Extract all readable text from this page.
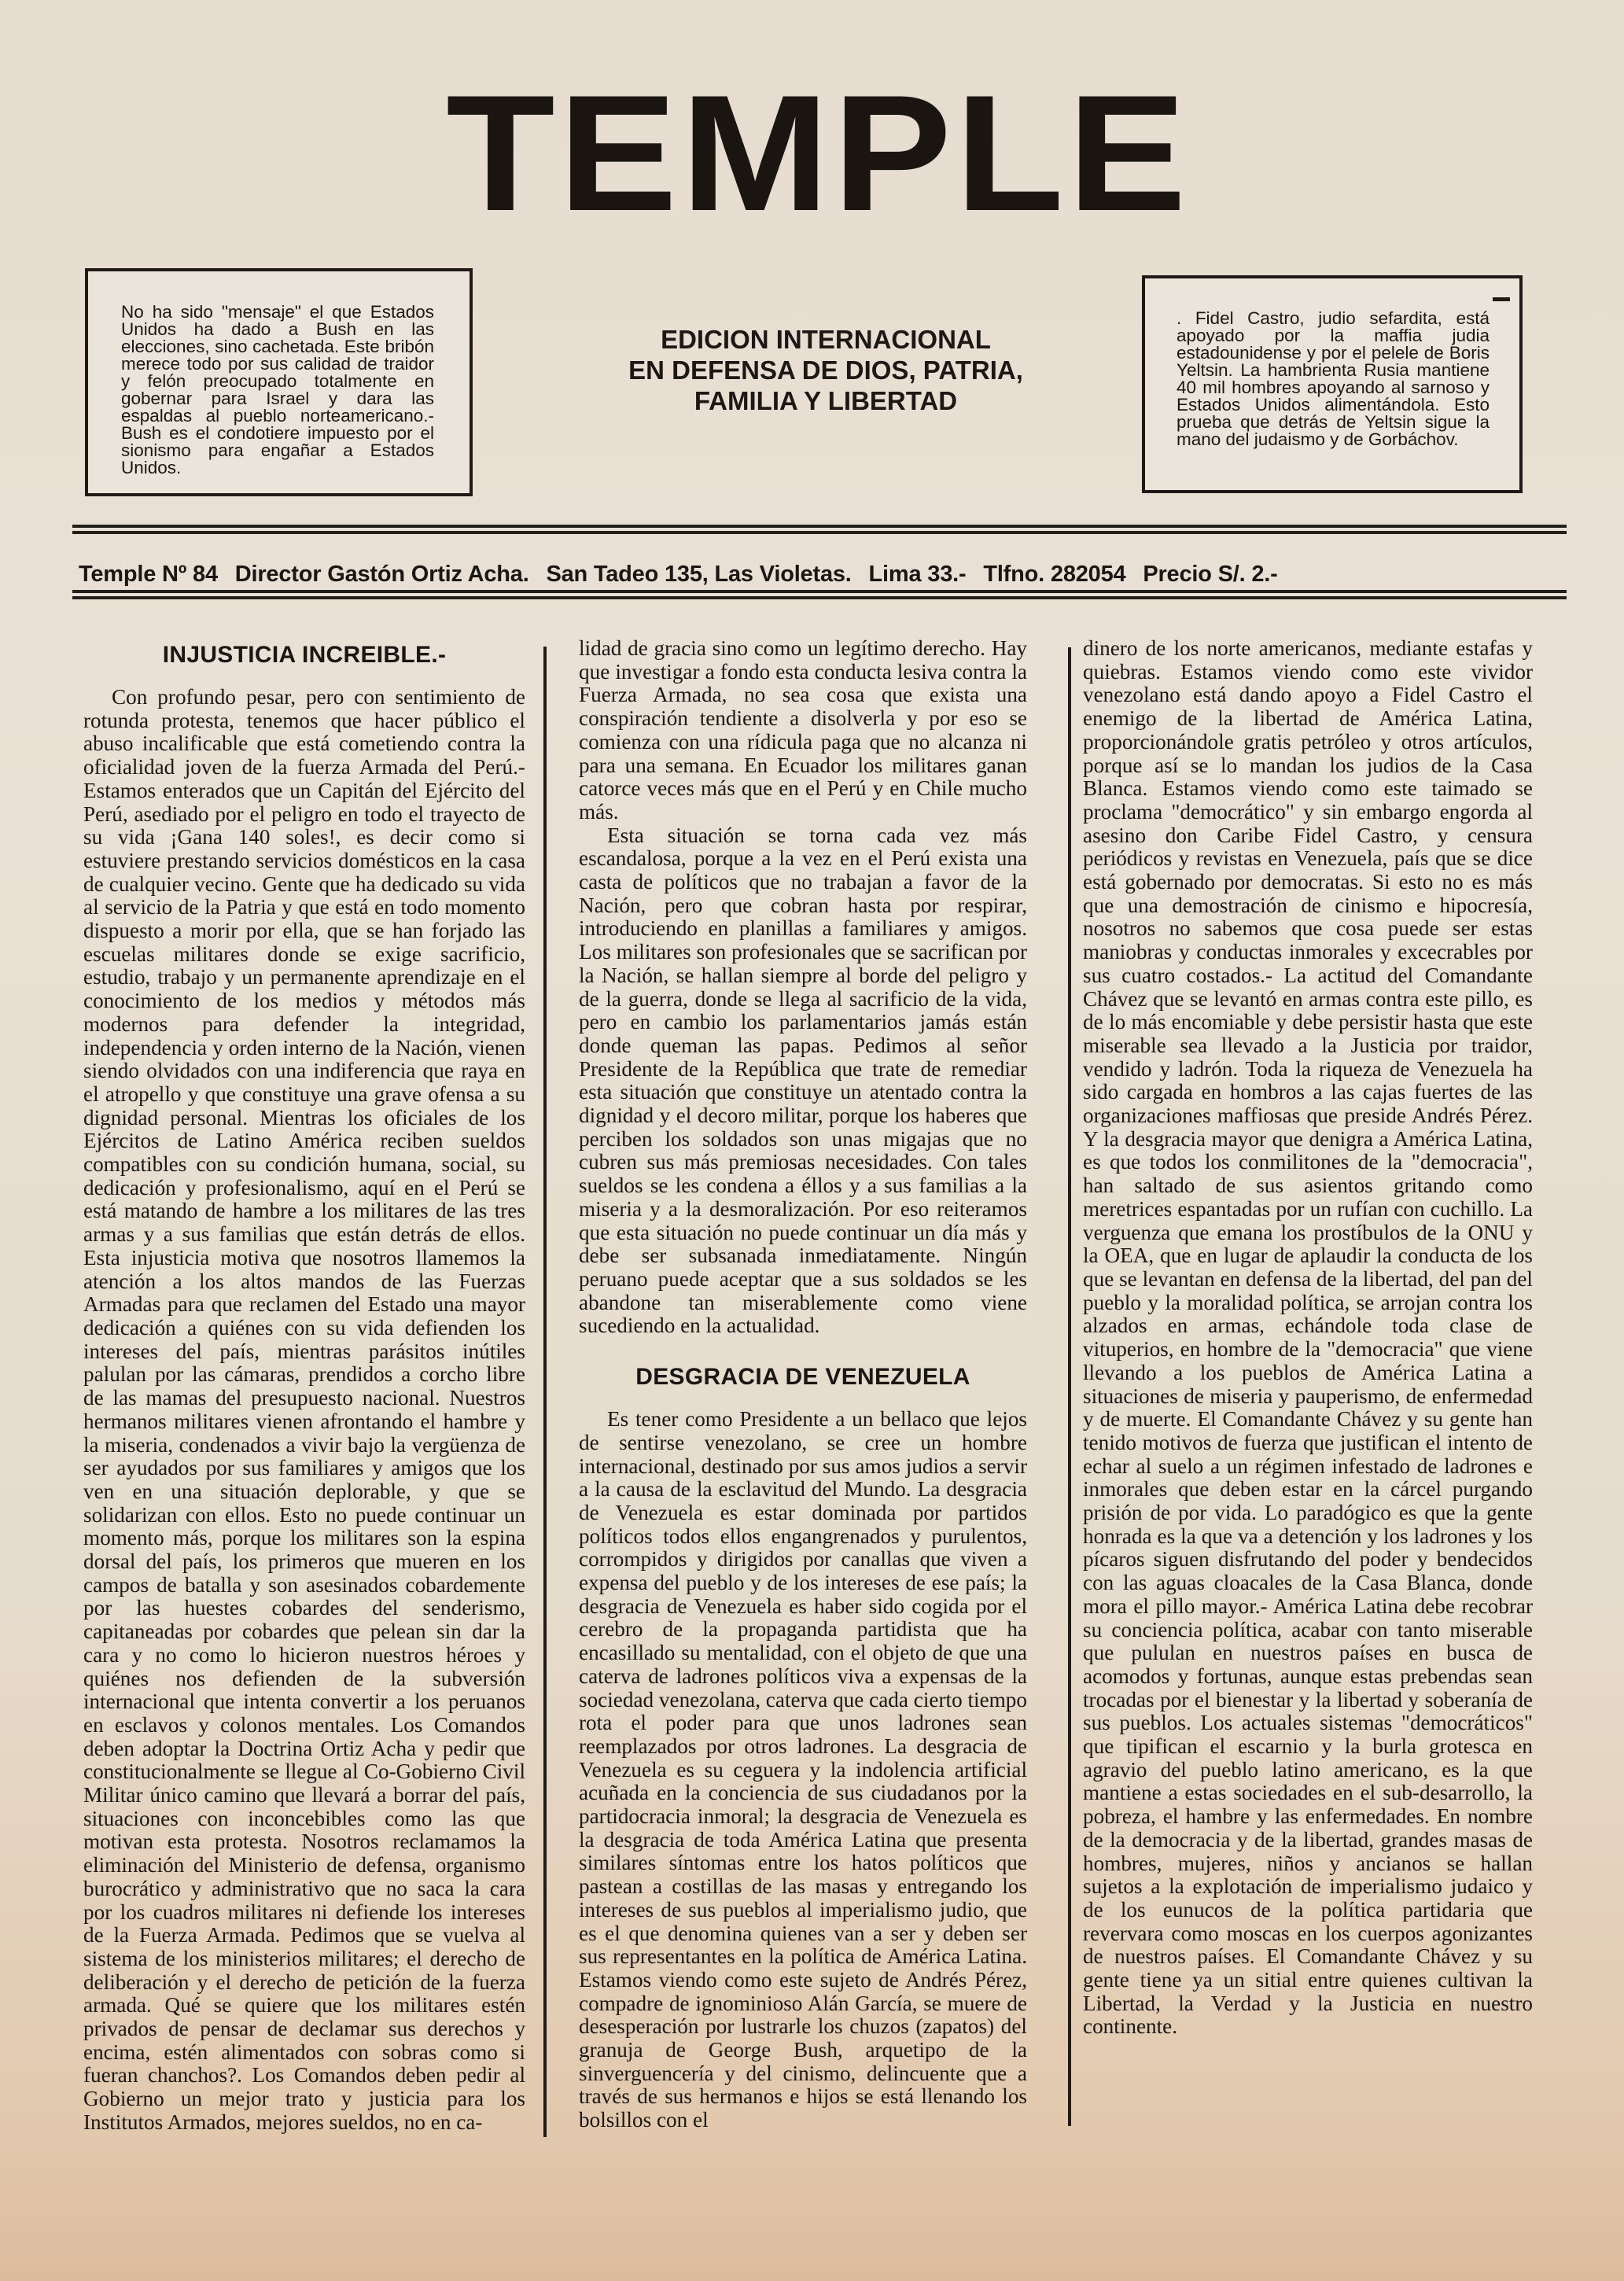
TEMPLE
No ha sido "mensaje" el que Estados Unidos ha dado a Bush en las elecciones, sino cachetada. Este bribón merece todo por sus calidad de traidor y felón preocupado totalmente en gobernar para Israel y dara las espaldas al pueblo norteamericano.- Bush es el condotiere impuesto por el sionismo para engañar a Estados Unidos.
EDICION INTERNACIONAL
EN DEFENSA DE DIOS, PATRIA,
FAMILIA Y LIBERTAD
. Fidel Castro, judio sefardita, está apoyado por la maffia judia estadounidense y por el pelele de Boris Yeltsin. La hambrienta Rusia mantiene 40 mil hombres apoyando al sarnoso y Estados Unidos alimentándola. Esto prueba que detrás de Yeltsin sigue la mano del judaismo y de Gorbáchov.
Temple Nº 84 Director Gastón Ortiz Acha. San Tadeo 135, Las Violetas. Lima 33.- Tlfno. 282054 Precio S/. 2.-
INJUSTICIA INCREIBLE.-

Con profundo pesar, pero con sentimiento de rotunda protesta, tenemos que hacer público el abuso incalificable que está cometiendo contra la oficialidad joven de la fuerza Armada del Perú.- Estamos enterados que un Capitán del Ejército del Perú, asediado por el peligro en todo el trayecto de su vida ¡Gana 140 soles!, es decir como si estuviere prestando servicios domésticos en la casa de cualquier vecino. Gente que ha dedicado su vida al servicio de la Patria y que está en todo momento dispuesto a morir por ella, que se han forjado las escuelas militares donde se exige sacrificio, estudio, trabajo y un permanente aprendizaje en el conocimiento de los medios y métodos más modernos para defender la integridad, independencia y orden interno de la Nación, vienen siendo olvidados con una indiferencia que raya en el atropello y que constituye una grave ofensa a su dignidad personal. Mientras los oficiales de los Ejércitos de Latino América reciben sueldos compatibles con su condición humana, social, su dedicación y profesionalismo, aquí en el Perú se está matando de hambre a los militares de las tres armas y a sus familias que están detrás de ellos. Esta injusticia motiva que nosotros llamemos la atención a los altos mandos de las Fuerzas Armadas para que reclamen del Estado una mayor dedicación a quiénes con su vida defienden los intereses del país, mientras parásitos inútiles palulan por las cámaras, prendidos a corcho libre de las mamas del presupuesto nacional. Nuestros hermanos militares vienen afrontando el hambre y la miseria, condenados a vivir bajo la vergüenza de ser ayudados por sus familiares y amigos que los ven en una situación deplorable, y que se solidarizan con ellos. Esto no puede continuar un momento más, porque los militares son la espina dorsal del país, los primeros que mueren en los campos de batalla y son asesinados cobardemente por las huestes cobardes del senderismo, capitaneadas por cobardes que pelean sin dar la cara y no como lo hicieron nuestros héroes y quiénes nos defienden de la subversión internacional que intenta convertir a los peruanos en esclavos y colonos mentales. Los Comandos deben adoptar la Doctrina Ortiz Acha y pedir que constitucionalmente se llegue al Co-Gobierno Civil Militar único camino que llevará a borrar del país, situaciones con inconcebibles como las que motivan esta protesta. Nosotros reclamamos la eliminación del Ministerio de defensa, organismo burocrático y administrativo que no saca la cara por los cuadros militares ni defiende los intereses de la Fuerza Armada. Pedimos que se vuelva al sistema de los ministerios militares; el derecho de deliberación y el derecho de petición de la fuerza armada. Qué se quiere que los militares estén privados de pensar de declamar sus derechos y encima, estén alimentados con sobras como si fueran chanchos?. Los Comandos deben pedir al Gobierno un mejor trato y justicia para los Institutos Armados, mejores sueldos, no en ca-

lidad de gracia sino como un legítimo derecho. Hay que investigar a fondo esta conducta lesiva contra la Fuerza Armada, no sea cosa que exista una conspiración tendiente a disolverla y por eso se comienza con una rídicula paga que no alcanza ni para una semana. En Ecuador los militares ganan catorce veces más que en el Perú y en Chile mucho más.

Esta situación se torna cada vez más escandalosa, porque a la vez en el Perú exista una casta de políticos que no trabajan a favor de la Nación, pero que cobran hasta por respirar, introduciendo en planillas a familiares y amigos. Los militares son profesionales que se sacrifican por la Nación, se hallan siempre al borde del peligro y de la guerra, donde se llega al sacrificio de la vida, pero en cambio los parlamentarios jamás están donde queman las papas. Pedimos al señor Presidente de la República que trate de remediar esta situación que constituye un atentado contra la dignidad y el decoro militar, porque los haberes que perciben los soldados son unas migajas que no cubren sus más premiosas necesidades. Con tales sueldos se les condena a éllos y a sus familias a la miseria y a la desmoralización. Por eso reiteramos que esta situación no puede continuar un día más y debe ser subsanada inmediatamente. Ningún peruano puede aceptar que a sus soldados se les abandone tan miserablemente como viene sucediendo en la actualidad.

DESGRACIA DE VENEZUELA

Es tener como Presidente a un bellaco que lejos de sentirse venezolano, se cree un hombre internacional, destinado por sus amos judios a servir a la causa de la esclavitud del Mundo. La desgracia de Venezuela es estar dominada por partidos políticos todos ellos engangrenados y purulentos, corrompidos y dirigidos por canallas que viven a expensa del pueblo y de los intereses de ese país; la desgracia de Venezuela es haber sido cogida por el cerebro de la propaganda partidista que ha encasillado su mentalidad, con el objeto de que una caterva de ladrones políticos viva a expensas de la sociedad venezolana, caterva que cada cierto tiempo rota el poder para que unos ladrones sean reemplazados por otros ladrones. La desgracia de Venezuela es su ceguera y la indolencia artificial acuñada en la conciencia de sus ciudadanos por la partidocracia inmoral; la desgracia de Venezuela es la desgracia de toda América Latina que presenta similares síntomas entre los hatos políticos que pastean a costillas de las masas y entregando los intereses de sus pueblos al imperialismo judio, que es el que denomina quienes van a ser y deben ser sus representantes en la política de América Latina. Estamos viendo como este sujeto de Andrés Pérez, compadre de ignominioso Alán García, se muere de desesperación por lustrarle los chuzos (zapatos) del granuja de George Bush, arquetipo de la sinverguencería y del cinismo, delincuente que a través de sus hermanos e hijos se está llenando los bolsillos con el

dinero de los norte americanos, mediante estafas y quiebras. Estamos viendo como este vividor venezolano está dando apoyo a Fidel Castro el enemigo de la libertad de América Latina, proporcionándole gratis petróleo y otros artículos, porque así se lo mandan los judios de la Casa Blanca. Estamos viendo como este taimado se proclama "democrático" y sin embargo engorda al asesino don Caribe Fidel Castro, y censura periódicos y revistas en Venezuela, país que se dice está gobernado por democratas. Si esto no es más que una demostración de cinismo e hipocresía, nosotros no sabemos que cosa puede ser estas maniobras y conductas inmorales y excecrables por sus cuatro costados.- La actitud del Comandante Chávez que se levantó en armas contra este pillo, es de lo más encomiable y debe persistir hasta que este miserable sea llevado a la Justicia por traidor, vendido y ladrón. Toda la riqueza de Venezuela ha sido cargada en hombros a las cajas fuertes de las organizaciones maffiosas que preside Andrés Pérez. Y la desgracia mayor que denigra a América Latina, es que todos los conmilitones de la "democracia", han saltado de sus asientos gritando como meretrices espantadas por un rufían con cuchillo. La verguenza que emana los prostíbulos de la ONU y la OEA, que en lugar de aplaudir la conducta de los que se levantan en defensa de la libertad, del pan del pueblo y la moralidad política, se arrojan contra los alzados en armas, echándole toda clase de vituperios, en hombre de la "democracia" que viene llevando a los pueblos de América Latina a situaciones de miseria y pauperismo, de enfermedad y de muerte. El Comandante Chávez y su gente han tenido motivos de fuerza que justifican el intento de echar al suelo a un régimen infestado de ladrones e inmorales que deben estar en la cárcel purgando prisión de por vida. Lo paradógico es que la gente honrada es la que va a detención y los ladrones y los pícaros siguen disfrutando del poder y bendecidos con las aguas cloacales de la Casa Blanca, donde mora el pillo mayor.- América Latina debe recobrar su conciencia política, acabar con tanto miserable que pululan en nuestros países en busca de acomodos y fortunas, aunque estas prebendas sean trocadas por el bienestar y la libertad y soberanía de sus pueblos. Los actuales sistemas "democráticos" que tipifican el escarnio y la burla grotesca en agravio del pueblo latino americano, es la que mantiene a estas sociedades en el sub-desarrollo, la pobreza, el hambre y las enfermedades. En nombre de la democracia y de la libertad, grandes masas de hombres, mujeres, niños y ancianos se hallan sujetos a la explotación de imperialismo judaico y de los eunucos de la política partidaria que revervara como moscas en los cuerpos agonizantes de nuestros países. El Comandante Chávez y su gente tiene ya un sitial entre quienes cultivan la Libertad, la Verdad y la Justicia en nuestro continente.
